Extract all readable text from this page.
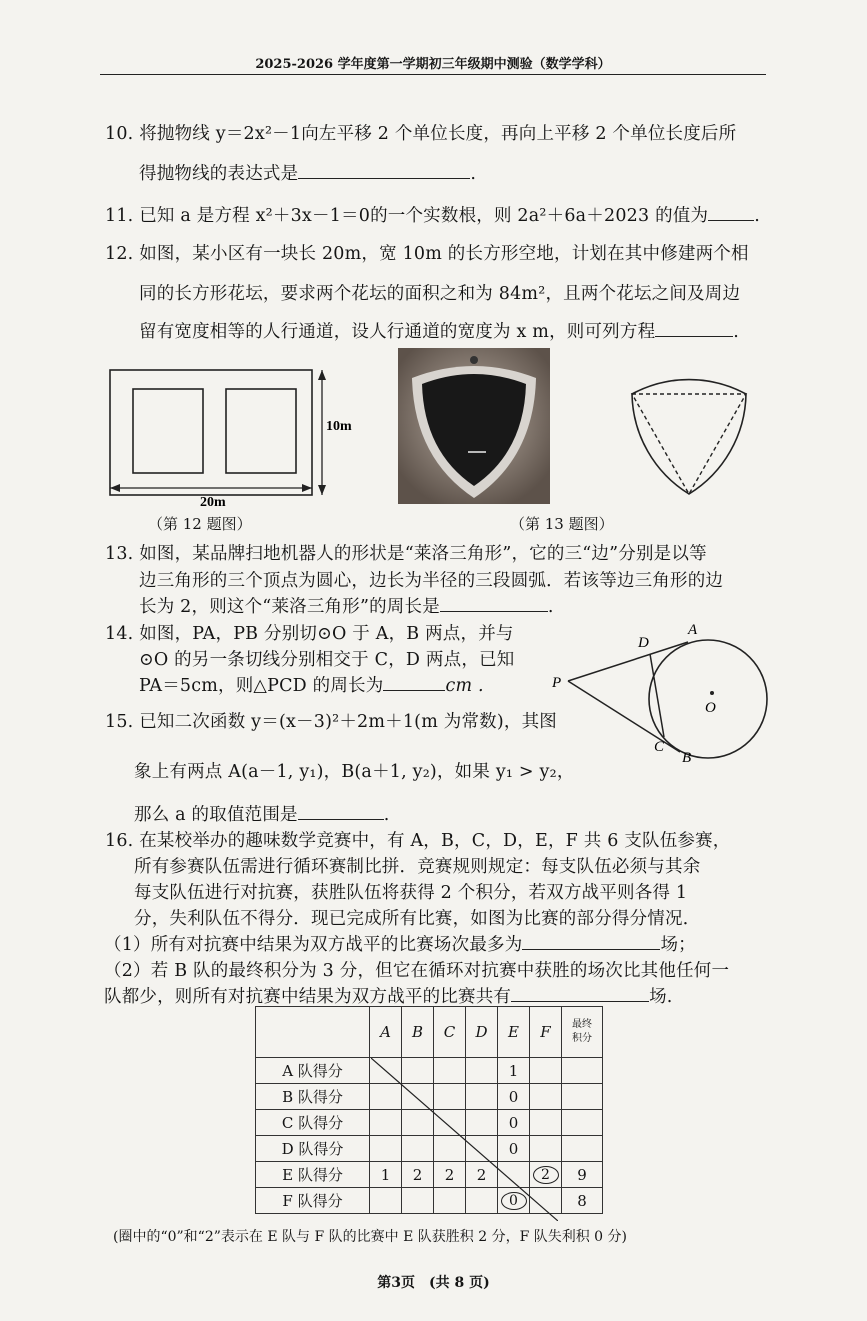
2025-2026 学年度第一学期初三年级期中测验（数学学科）
10. 将抛物线 y＝2x²－1向左平移 2 个单位长度，再向上平移 2 个单位长度后所
得抛物线的表达式是	.
11. 已知 a 是方程 x²＋3x－1＝0的一个实数根，则 2a²＋6a＋2023 的值为	.
12. 如图，某小区有一块长 20m，宽 10m 的长方形空地，计划在其中修建两个相
同的长方形花坛，要求两个花坛的面积之和为 84m²，且两个花坛之间及周边
留有宽度相等的人行通道，设人行通道的宽度为 x m，则可列方程	.
10m
20m
（第 12 题图）	（第 13 题图）
13. 如图，某品牌扫地机器人的形状是“莱洛三角形”，它的三“边”分别是以等
边三角形的三个顶点为圆心，边长为半径的三段圆弧．若该等边三角形的边
长为 2，则这个“莱洛三角形”的周长是	.
14. 如图，PA，PB 分别切⊙O 于 A，B 两点，并与
⊙O 的另一条切线分别相交于 C，D 两点，已知
PA＝5cm，则△PCD 的周长为	cm .	P
A
D
C
B
O
15. 已知二次函数 y＝(x－3)²＋2m＋1(m 为常数)，其图
象上有两点 A(a－1, y₁)，B(a＋1, y₂)，如果 y₁ > y₂，
那么 a 的取值范围是	.
16. 在某校举办的趣味数学竞赛中，有 A，B，C，D，E，F 共 6 支队伍参赛，
所有参赛队伍需进行循环赛制比拼．竞赛规则规定：每支队伍必须与其余
每支队伍进行对抗赛，获胜队伍将获得 2 个积分，若双方战平则各得 1
分，失利队伍不得分．现已完成所有比赛，如图为比赛的部分得分情况．
（1）所有对抗赛中结果为双方战平的比赛场次最多为	场；
（2）若 B 队的最终积分为 3 分，但它在循环对抗赛中获胜的场次比其他任何一
队都少，则所有对抗赛中结果为双方战平的比赛共有	场.
	A	B	C	D	E	F	最终
积分

A 队得分					1		
B 队得分					0		
C 队得分					0		
D 队得分					0		
E 队得分	1	2	2	2		2	9
F 队得分					0		8
(圈中的“0”和“2”表示在 E 队与 F 队的比赛中 E 队获胜积 2 分，F 队失利积 0 分)
第3页　(共 8 页)
